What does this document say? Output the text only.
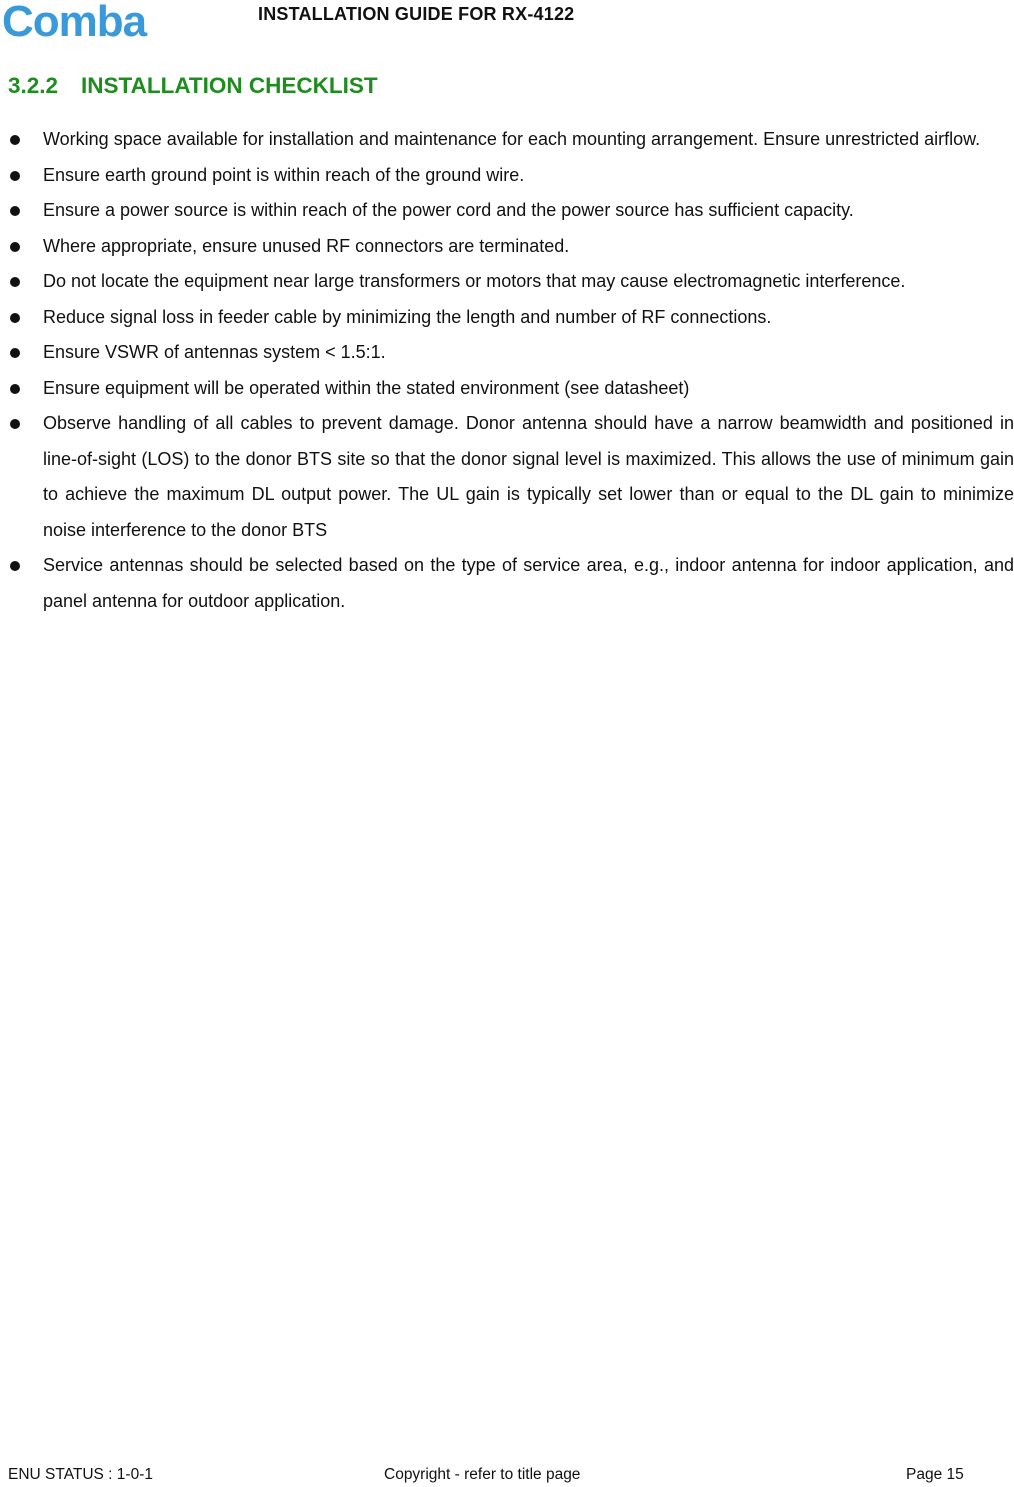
Comba	INSTALLATION GUIDE FOR RX-4122
3.2.2 INSTALLATION CHECKLIST
Working space available for installation and maintenance for each mounting arrangement. Ensure unrestricted airflow.
Ensure earth ground point is within reach of the ground wire.
Ensure a power source is within reach of the power cord and the power source has sufficient capacity.
Where appropriate, ensure unused RF connectors are terminated.
Do not locate the equipment near large transformers or motors that may cause electromagnetic interference.
Reduce signal loss in feeder cable by minimizing the length and number of RF connections.
Ensure VSWR of antennas system < 1.5:1.
Ensure equipment will be operated within the stated environment (see datasheet)
Observe handling of all cables to prevent damage. Donor antenna should have a narrow beamwidth and positioned in line-of-sight (LOS) to the donor BTS site so that the donor signal level is maximized. This allows the use of minimum gain to achieve the maximum DL output power. The UL gain is typically set lower than or equal to the DL gain to minimize noise interference to the donor BTS
Service antennas should be selected based on the type of service area, e.g., indoor antenna for indoor application, and panel antenna for outdoor application.
ENU STATUS : 1-0-1	Copyright - refer to title page	Page 15
